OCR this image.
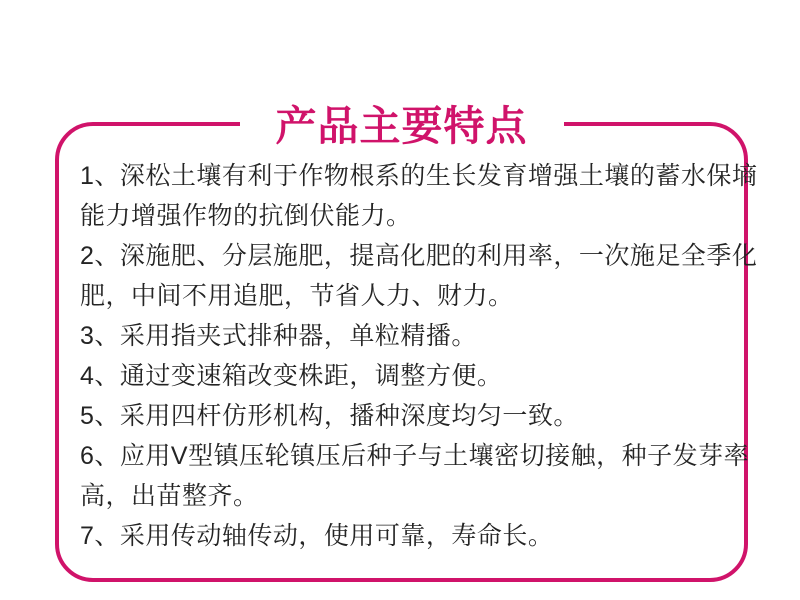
产品主要特点
1、深松土壤有利于作物根系的生长发育增强土壤的蓄水保墒
能力增强作物的抗倒伏能力。
2、深施肥、分层施肥，提高化肥的利用率，一次施足全季化
肥，中间不用追肥，节省人力、财力。
3、采用指夹式排种器，单粒精播。
4、通过变速箱改变株距，调整方便。
5、采用四杆仿形机构，播种深度均匀一致。
6、应用V型镇压轮镇压后种子与土壤密切接触，种子发芽率
高，出苗整齐。
7、采用传动轴传动，使用可靠，寿命长。
